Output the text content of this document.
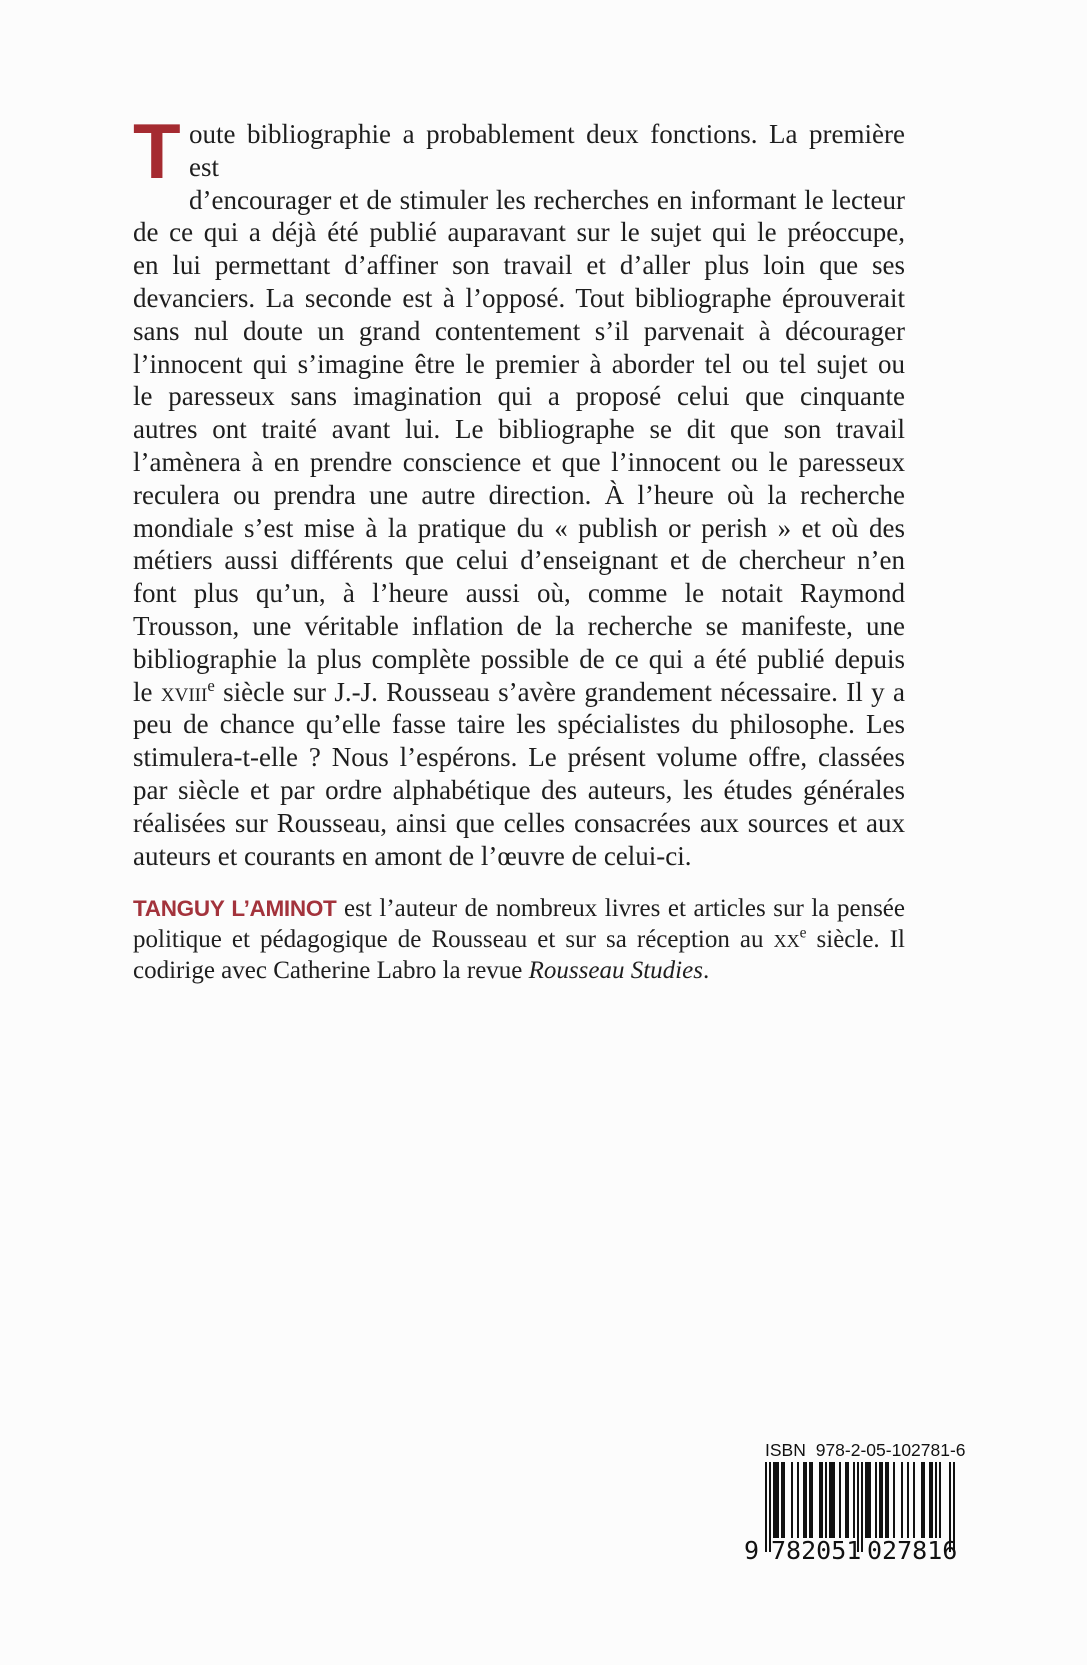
T oute bibliographie a probablement deux fonctions. La première est
d’encourager et de stimuler les recherches en informant le lecteur
de ce qui a déjà été publié auparavant sur le sujet qui le préoccupe,
en lui permettant d’affiner son travail et d’aller plus loin que ses
devanciers. La seconde est à l’opposé. Tout bibliographe éprouverait
sans nul doute un grand contentement s’il parvenait à décourager
l’innocent qui s’imagine être le premier à aborder tel ou tel sujet ou
le paresseux sans imagination qui a proposé celui que cinquante
autres ont traité avant lui. Le bibliographe se dit que son travail
l’amènera à en prendre conscience et que l’innocent ou le paresseux
reculera ou prendra une autre direction. À l’heure où la recherche
mondiale s’est mise à la pratique du « publish or perish » et où des
métiers aussi différents que celui d’enseignant et de chercheur n’en
font plus qu’un, à l’heure aussi où, comme le notait Raymond
Trousson, une véritable inflation de la recherche se manifeste, une
bibliographie la plus complète possible de ce qui a été publié depuis
le xviii$^e$ siècle sur J.-J. Rousseau s’avère grandement nécessaire. Il y a
peu de chance qu’elle fasse taire les spécialistes du philosophe. Les
stimulera-t-elle ? Nous l’espérons. Le présent volume offre, classées
par siècle et par ordre alphabétique des auteurs, les études générales
réalisées sur Rousseau, ainsi que celles consacrées aux sources et aux
auteurs et courants en amont de l’œuvre de celui-ci.
TANGUY L’AMINOT est l’auteur de nombreux livres et articles sur la pensée
politique et pédagogique de Rousseau et sur sa réception au $xx^e$ siècle. Il
codirige avec Catherine Labro la revue Rousseau Studies.
ISBN 978-2-05-102781-6
9 782051 027816
